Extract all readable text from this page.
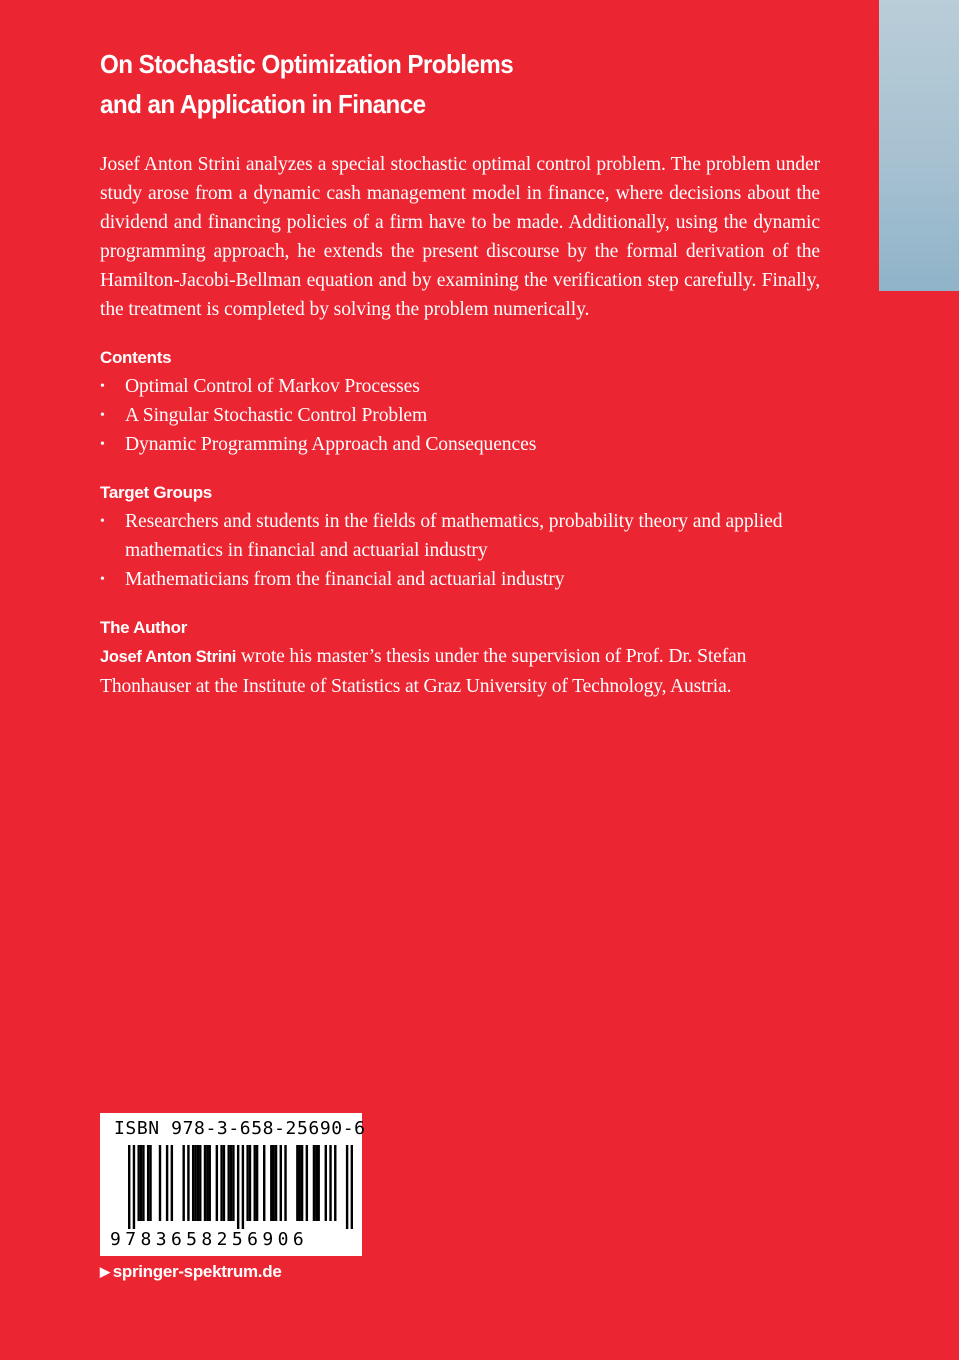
On Stochastic Optimization Problems
and an Application in Finance

Josef Anton Strini analyzes a special stochastic optimal control problem. The problem under study arose from a dynamic cash management model in finance, where decisions about the dividend and financing policies of a firm have to be made. Additionally, using the dynamic programming approach, he extends the present discourse by the formal derivation of the Hamilton-Jacobi-Bellman equation and by examining the verification step carefully. Finally, the treatment is completed by solving the problem numerically.

Contents
• Optimal Control of Markov Processes
• A Singular Stochastic Control Problem
• Dynamic Programming Approach and Consequences
Target Groups
• Researchers and students in the fields of mathematics, probability theory and applied mathematics in financial and actuarial industry
• Mathematicians from the financial and actuarial industry
The Author

Josef Anton Strini wrote his master’s thesis under the supervision of Prof. Dr. Stefan Thonhauser at the Institute of Statistics at Graz University of Technology, Austria.

ISBN 978-3-658-25690-6
9783658256906
▶ springer-spektrum.de
